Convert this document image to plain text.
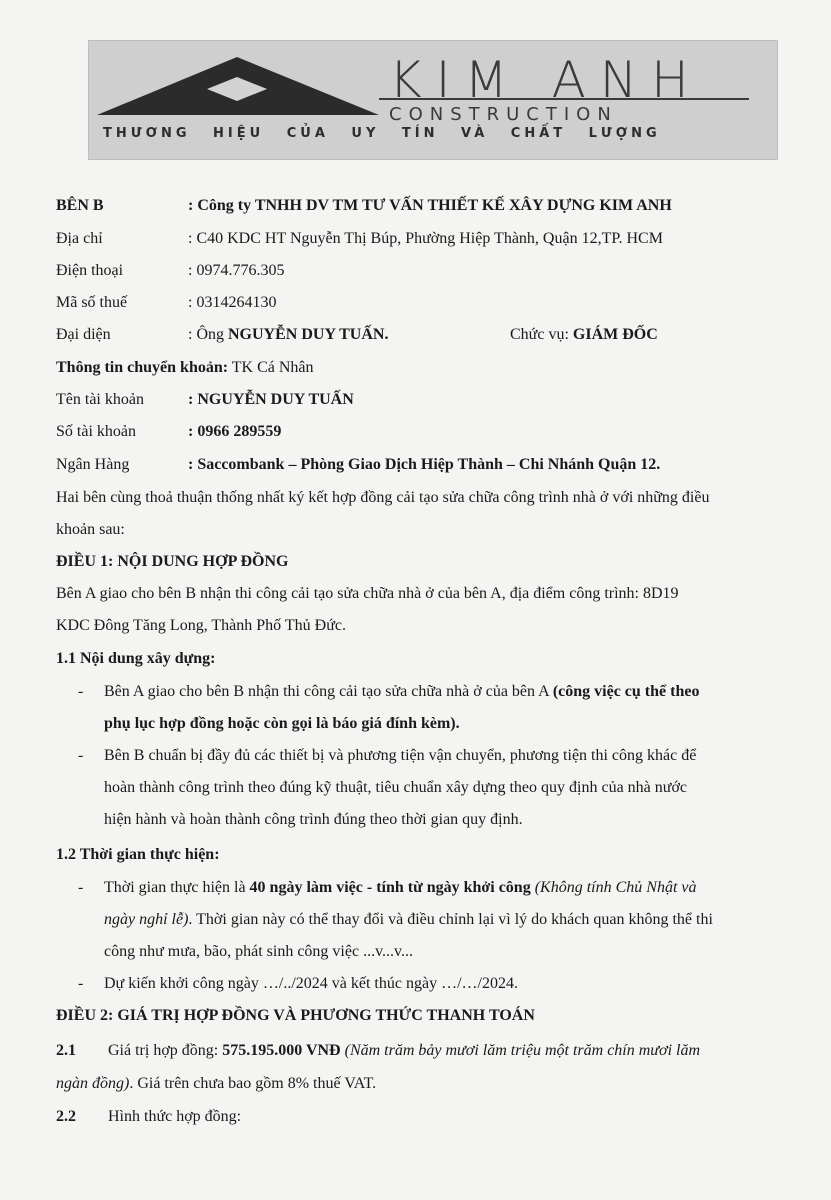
KIM ANH
CONSTRUCTION
THƯƠNG HIỆU CỦA UY TÍN VÀ CHẤT LƯỢNG
BÊN B	: Công ty TNHH DV TM TƯ VẤN THIẾT KẾ XÂY DỰNG KIM ANH
Địa chỉ	: C40 KDC HT Nguyễn Thị Búp, Phường Hiệp Thành, Quận 12,TP. HCM
Điện thoại	: 0974.776.305
Mã số thuế	: 0314264130
Đại diện	: Ông NGUYỄN DUY TUẤN.	Chức vụ: GIÁM ĐỐC
Thông tin chuyển khoản: TK Cá Nhân
Tên tài khoản	: NGUYỄN DUY TUẤN
Số tài khoản	: 0966 289559
Ngân Hàng	: Saccombank – Phòng Giao Dịch Hiệp Thành – Chi Nhánh Quận 12.
Hai bên cùng thoả thuận thống nhất ký kết hợp đồng cải tạo sửa chữa công trình nhà ở với những điều
khoản sau:
ĐIỀU 1: NỘI DUNG HỢP ĐỒNG
Bên A giao cho bên B nhận thi công cải tạo sửa chữa nhà ở của bên A, địa điểm công trình: 8D19
KDC Đông Tăng Long, Thành Phố Thủ Đức.
1.1 Nội dung xây dựng:
- Bên A giao cho bên B nhận thi công cải tạo sửa chữa nhà ở của bên A (công việc cụ thể theo
phụ lục hợp đồng hoặc còn gọi là báo giá đính kèm).
- Bên B chuẩn bị đầy đủ các thiết bị và phương tiện vận chuyển, phương tiện thi công khác để
hoàn thành công trình theo đúng kỹ thuật, tiêu chuẩn xây dựng theo quy định của nhà nước
hiện hành và hoàn thành công trình đúng theo thời gian quy định.
1.2 Thời gian thực hiện:
- Thời gian thực hiện là 40 ngày làm việc - tính từ ngày khởi công (Không tính Chủ Nhật và
ngày nghỉ lễ). Thời gian này có thể thay đổi và điều chỉnh lại vì lý do khách quan không thể thi
công như mưa, bão, phát sinh công việc ...v...v...
- Dự kiến khởi công ngày …/../2024 và kết thúc ngày …/…/2024.
ĐIỀU 2: GIÁ TRỊ HỢP ĐỒNG VÀ PHƯƠNG THỨC THANH TOÁN
2.1 Giá trị hợp đồng: 575.195.000 VNĐ (Năm trăm bảy mươi lăm triệu một trăm chín mươi lăm
ngàn đồng). Giá trên chưa bao gồm 8% thuế VAT.
2.2 Hình thức hợp đồng:
